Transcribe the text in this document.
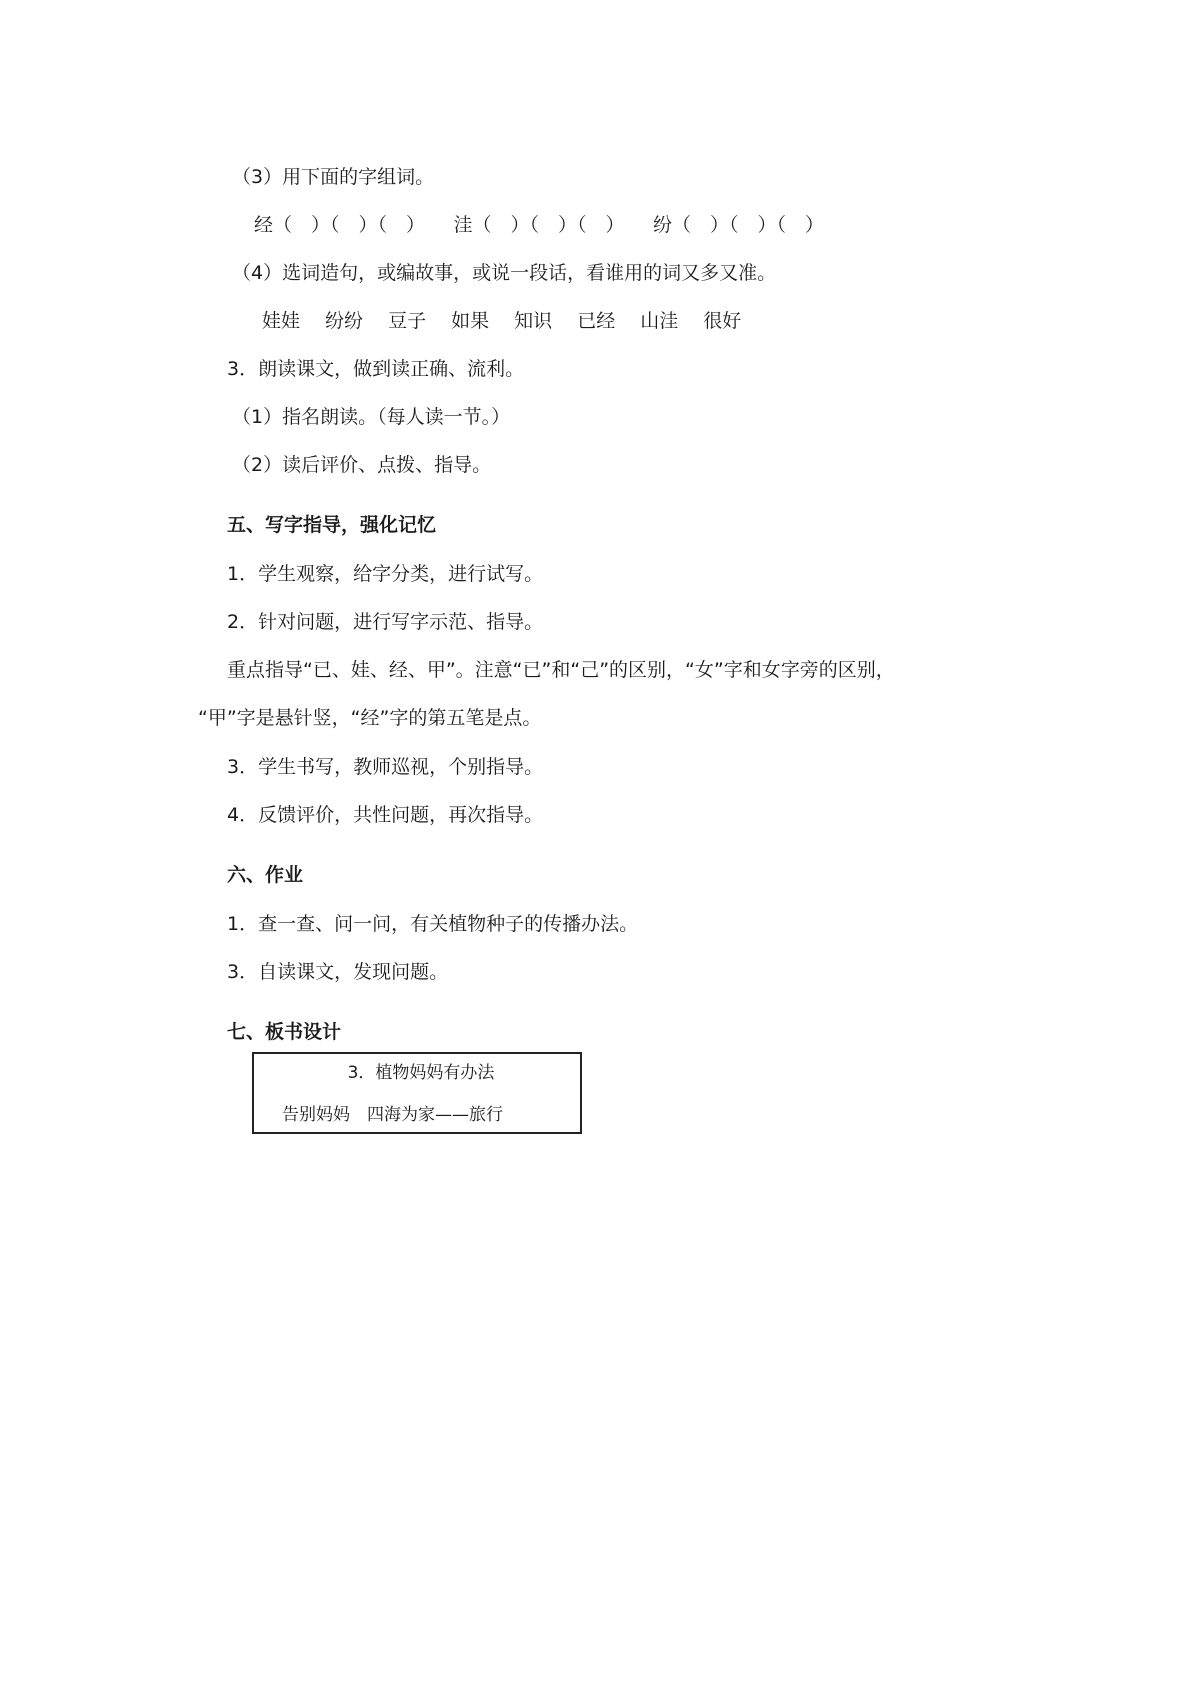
（3）用下面的字组词。
经（　）（　）（　）　　洼（　）（　）（　）　　纷（　）（　）（　）
（4）选词造句，或编故事，或说一段话，看谁用的词又多又准。
娃娃　 纷纷　 豆子　 如果　 知识　 已经　 山洼　 很好
3．朗读课文，做到读正确、流利。
（1）指名朗读。（每人读一节。）
（2）读后评价、点拨、指导。
五、写字指导，强化记忆
1．学生观察，给字分类，进行试写。
2．针对问题，进行写字示范、指导。
重点指导“已、娃、经、甲”。注意“已”和“己”的区别，“女”字和女字旁的区别，
“甲”字是悬针竖，“经”字的第五笔是点。
3．学生书写，教师巡视，个别指导。
4．反馈评价，共性问题，再次指导。
六、作业
1．查一查、问一问，有关植物种子的传播办法。
3．自读课文，发现问题。
七、板书设计
3．植物妈妈有办法
告别妈妈　四海为家——旅行
